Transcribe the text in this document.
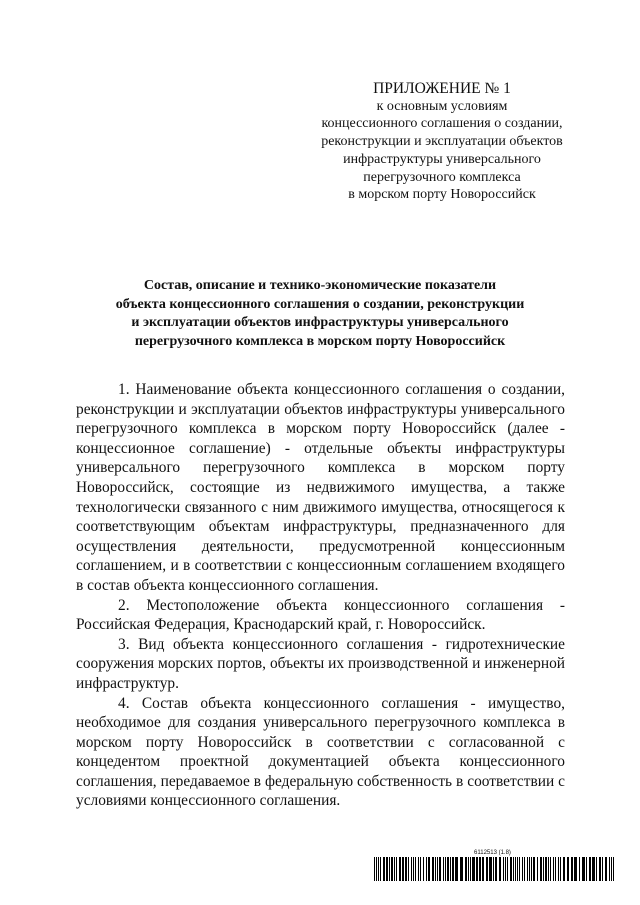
ПРИЛОЖЕНИЕ № 1
к основным условиям
концессионного соглашения о создании,
реконструкции и эксплуатации объектов
инфраструктуры универсального
перегрузочного комплекса
в морском порту Новороссийск
Состав, описание и технико-экономические показатели
объекта концессионного соглашения о создании, реконструкции
и эксплуатации объектов инфраструктуры универсального
перегрузочного комплекса в морском порту Новороссийск

1. Наименование объекта концессионного соглашения о создании, реконструкции и эксплуатации объектов инфраструктуры универсального перегрузочного комплекса в морском порту Новороссийск (далее - концессионное соглашение) - отдельные объекты инфраструктуры универсального перегрузочного комплекса в морском порту Новороссийск, состоящие из недвижимого имущества, а также технологически связанного с ним движимого имущества, относящегося к соответствующим объектам инфраструктуры, предназначенного для осуществления деятельности, предусмотренной концессионным соглашением, и в соответствии с концессионным соглашением входящего в состав объекта концессионного соглашения.

2. Местоположение объекта концессионного соглашения - Российская Федерация, Краснодарский край, г. Новороссийск.

3. Вид объекта концессионного соглашения - гидротехнические сооружения морских портов, объекты их производственной и инженерной инфраструктур.

4. Состав объекта концессионного соглашения - имущество, необходимое для создания универсального перегрузочного комплекса в морском порту Новороссийск в соответствии с согласованной с концедентом проектной документацией объекта концессионного соглашения, передаваемое в федеральную собственность в соответствии с условиями концессионного соглашения.

6112513 (1.8)
